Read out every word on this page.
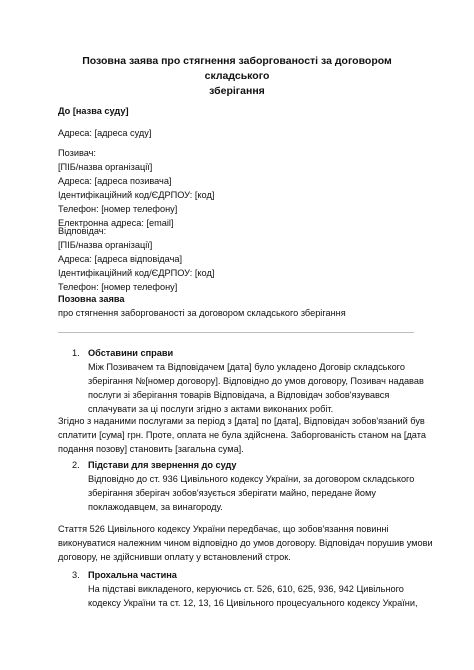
Позовна заява про стягнення заборгованості за договором складського
зберігання
До [назва суду]
Адреса: [адреса суду]
Позивач:
[ПІБ/назва організації]
Адреса: [адреса позивача]
Ідентифікаційний код/ЄДРПОУ: [код]
Телефон: [номер телефону]
Електронна адреса: [email]
Відповідач:
[ПІБ/назва організації]
Адреса: [адреса відповідача]
Ідентифікаційний код/ЄДРПОУ: [код]
Телефон: [номер телефону]
Позовна заява
про стягнення заборгованості за договором складського зберігання
1. Обставини справи
Між Позивачем та Відповідачем [дата] було укладено Договір складського
зберігання №[номер договору]. Відповідно до умов договору, Позивач надавав
послуги зі зберігання товарів Відповідача, а Відповідач зобов'язувався
сплачувати за ці послуги згідно з актами виконаних робіт.
Згідно з наданими послугами за період з [дата] по [дата], Відповідач зобов'язаний був
сплатити [сума] грн. Проте, оплата не була здійснена. Заборгованість станом на [дата
подання позову] становить [загальна сума].
2. Підстави для звернення до суду
Відповідно до ст. 936 Цивільного кодексу України, за договором складського
зберігання зберігач зобов'язується зберігати майно, передане йому
поклажодавцем, за винагороду.
Стаття 526 Цивільного кодексу України передбачає, що зобов'язання повинні
виконуватися належним чином відповідно до умов договору. Відповідач порушив умови
договору, не здійснивши оплату у встановлений строк.
3. Прохальна частина
На підставі викладеного, керуючись ст. 526, 610, 625, 936, 942 Цивільного
кодексу України та ст. 12, 13, 16 Цивільного процесуального кодексу України,
